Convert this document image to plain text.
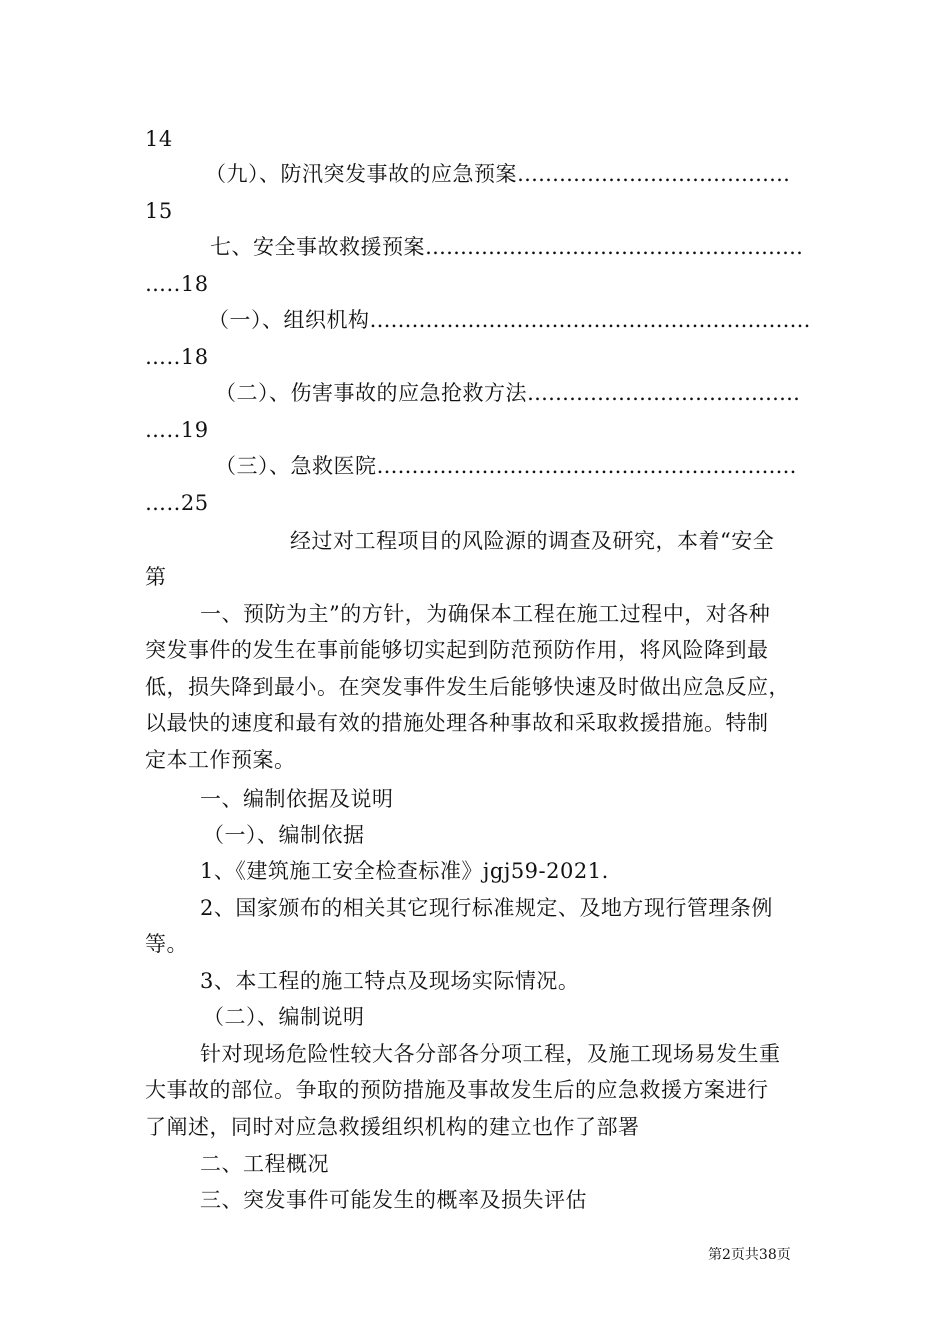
14
（九）、防汛突发事故的应急预案…………………………………
15
七、安全事故救援预案………………………………………………
…..18
（一）、组织机构………………………………………………………
…..18
（二）、伤害事故的应急抢救方法…………………………………
…..19
（三）、急救医院……………………………………………………
…..25
经过对工程项目的风险源的调查及研究，本着“安全
第
一、预防为主”的方针，为确保本工程在施工过程中，对各种
突发事件的发生在事前能够切实起到防范预防作用，将风险降到最
低，损失降到最小。在突发事件发生后能够快速及时做出应急反应，
以最快的速度和最有效的措施处理各种事故和采取救援措施。特制
定本工作预案。
一、编制依据及说明
（一）、编制依据
1、《建筑施工安全检查标准》jgj59-2021.
2、国家颁布的相关其它现行标准规定、及地方现行管理条例
等。
3、本工程的施工特点及现场实际情况。
（二）、编制说明
针对现场危险性较大各分部各分项工程，及施工现场易发生重
大事故的部位。争取的预防措施及事故发生后的应急救援方案进行
了阐述，同时对应急救援组织机构的建立也作了部署
二、工程概况
三、突发事件可能发生的概率及损失评估
第2页共38页
